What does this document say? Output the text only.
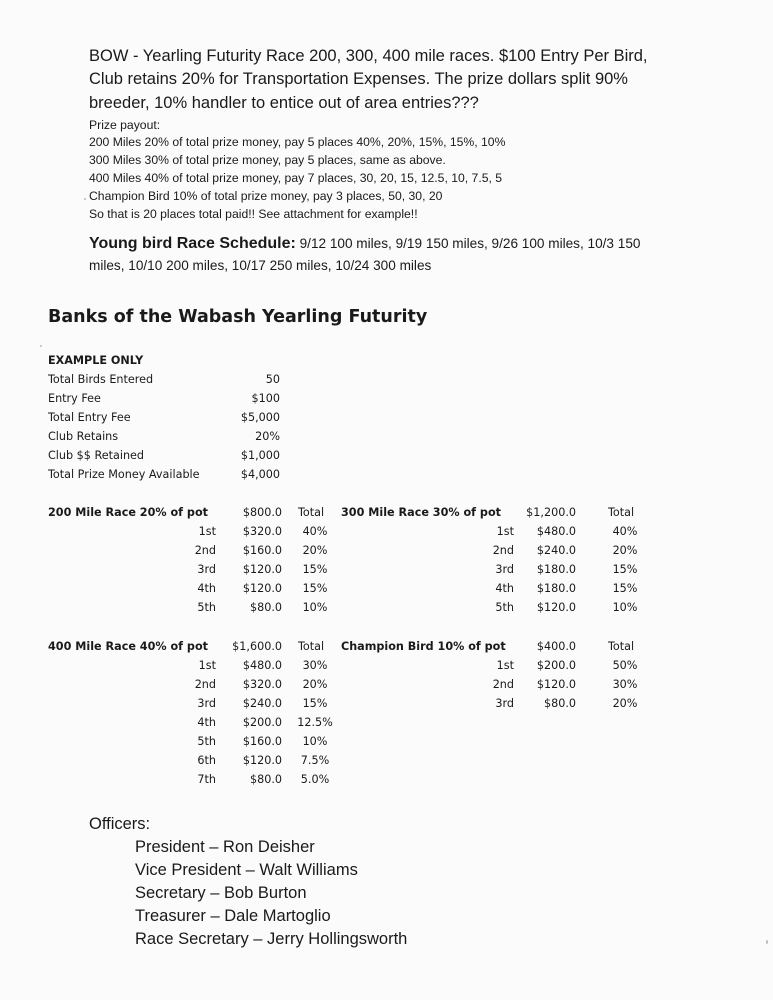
BOW - Yearling Futurity Race 200, 300, 400 mile races. $100 Entry Per Bird,
Club retains 20% for Transportation Expenses. The prize dollars split 90%
breeder, 10% handler to entice out of area entries???
Prize payout:
200 Miles 20% of total prize money, pay 5 places 40%, 20%, 15%, 15%, 10%
300 Miles 30% of total prize money, pay 5 places, same as above.
400 Miles 40% of total prize money, pay 7 places, 30, 20, 15, 12.5, 10, 7.5, 5
Champion Bird 10% of total prize money, pay 3 places, 50, 30, 20
So that is 20 places total paid!! See attachment for example!!
Young bird Race Schedule: 9/12 100 miles, 9/19 150 miles, 9/26 100 miles, 10/3 150
miles, 10/10 200 miles, 10/17 250 miles, 10/24 300 miles
Banks of the Wabash Yearling Futurity
EXAMPLE ONLY
Total Birds Entered	50
Entry Fee	$100
Total Entry Fee	$5,000
Club Retains	20%
Club $$ Retained	$1,000
Total Prize Money Available	$4,000
200 Mile Race 20% of pot	$800.0 Total
1st	$320.0	40%
2nd	$160.0	20%
3rd	$120.0	15%
4th	$120.0	15%
5th	$80.0	10%
300 Mile Race 30% of pot	$1,200.0	Total
1st	$480.0	40%
2nd	$240.0	20%
3rd	$180.0	15%
4th	$180.0	15%
5th	$120.0	10%
400 Mile Race 40% of pot	$1,600.0 Total
1st	$480.0	30%
2nd	$320.0	20%
3rd	$240.0	15%
4th	$200.0	12.5%
5th	$160.0	10%
6th	$120.0	7.5%
7th	$80.0	5.0%
Champion Bird 10% of pot	$400.0	Total
1st	$200.0	50%
2nd	$120.0	30%
3rd	$80.0	20%
Officers:
President – Ron Deisher
Vice President – Walt Williams
Secretary – Bob Burton
Treasurer – Dale Martoglio
Race Secretary – Jerry Hollingsworth
